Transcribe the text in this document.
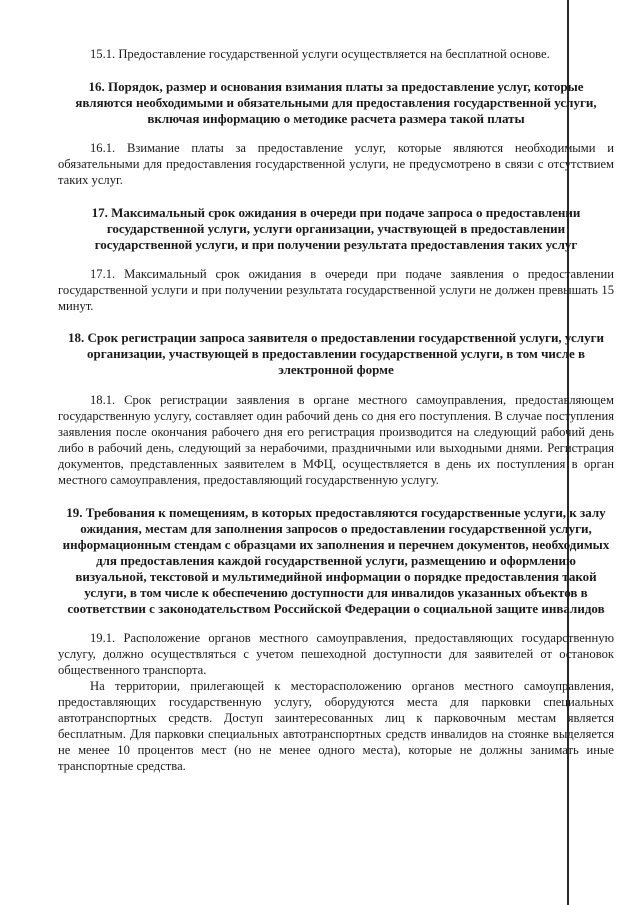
15.1. Предоставление государственной услуги осуществляется на бесплатной основе.

16. Порядок, размер и основания взимания платы за предоставление услуг, которые являются необходимыми и обязательными для предоставления государственной услуги, включая информацию о методике расчета размера такой платы

16.1. Взимание платы за предоставление услуг, которые являются необходимыми и обязательными для предоставления государственной услуги, не предусмотрено в связи с отсутствием таких услуг.

17. Максимальный срок ожидания в очереди при подаче запроса о предоставлении государственной услуги, услуги организации, участвующей в предоставлении государственной услуги, и при получении результата предоставления таких услуг

17.1. Максимальный срок ожидания в очереди при подаче заявления о предоставлении государственной услуги и при получении результата государственной услуги не должен превышать 15 минут.

18. Срок регистрации запроса заявителя о предоставлении государственной услуги, услуги организации, участвующей в предоставлении государственной услуги, в том числе в электронной форме

18.1. Срок регистрации заявления в органе местного самоуправления, предоставляющем государственную услугу, составляет один рабочий день со дня его поступления. В случае поступления заявления после окончания рабочего дня его регистрация производится на следующий рабочий день либо в рабочий день, следующий за нерабочими, праздничными или выходными днями. Регистрация документов, представленных заявителем в МФЦ, осуществляется в день их поступления в орган местного самоуправления, предоставляющий государственную услугу.

19. Требования к помещениям, в которых предоставляются государственные услуги, к залу ожидания, местам для заполнения запросов о предоставлении государственной услуги, информационным стендам с образцами их заполнения и перечнем документов, необходимых для предоставления каждой государственной услуги, размещению и оформлению визуальной, текстовой и мультимедийной информации о порядке предоставления такой услуги, в том числе к обеспечению доступности для инвалидов указанных объектов в соответствии с законодательством Российской Федерации о социальной защите инвалидов

19.1. Расположение органов местного самоуправления, предоставляющих государственную услугу, должно осуществляться с учетом пешеходной доступности для заявителей от остановок общественного транспорта.

На территории, прилегающей к месторасположению органов местного самоуправления, предоставляющих государственную услугу, оборудуются места для парковки специальных автотранспортных средств. Доступ заинтересованных лиц к парковочным местам является бесплатным. Для парковки специальных автотранспортных средств инвалидов на стоянке выделяется не менее 10 процентов мест (но не менее одного места), которые не должны занимать иные транспортные средства.
